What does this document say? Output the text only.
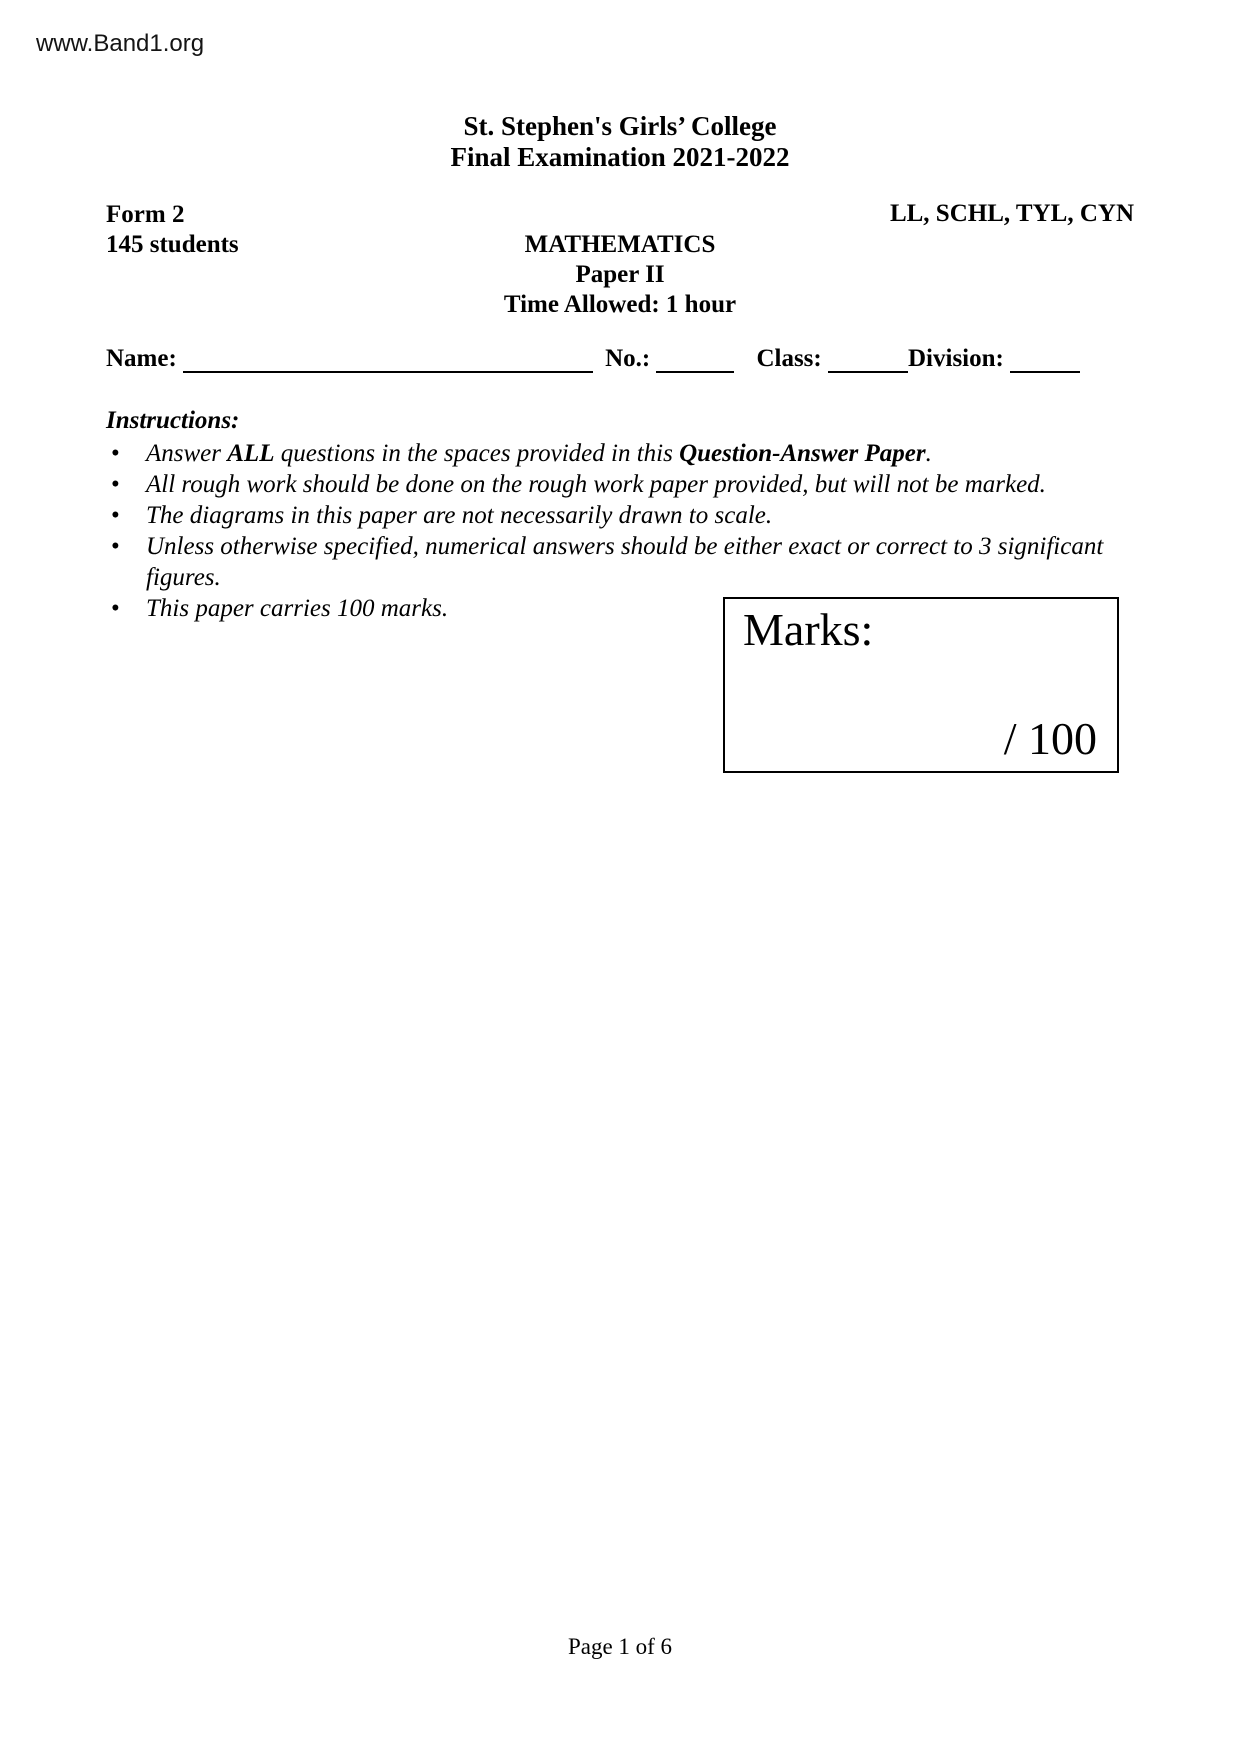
www.Band1.org
St. Stephen's Girls’ College
Final Examination 2021-2022
Form 2
145 students
LL, SCHL, TYL, CYN
MATHEMATICS
Paper II
Time Allowed: 1 hour
Name:	No.:	Class:	Division:
Instructions:
•	Answer ALL questions in the spaces provided in this Question-Answer Paper.
•	All rough work should be done on the rough work paper provided, but will not be marked.
•	The diagrams in this paper are not necessarily drawn to scale.
•	Unless otherwise specified, numerical answers should be either exact or correct to 3 significant figures.
•	This paper carries 100 marks.	Marks:
/ 100
Page 1 of 6
